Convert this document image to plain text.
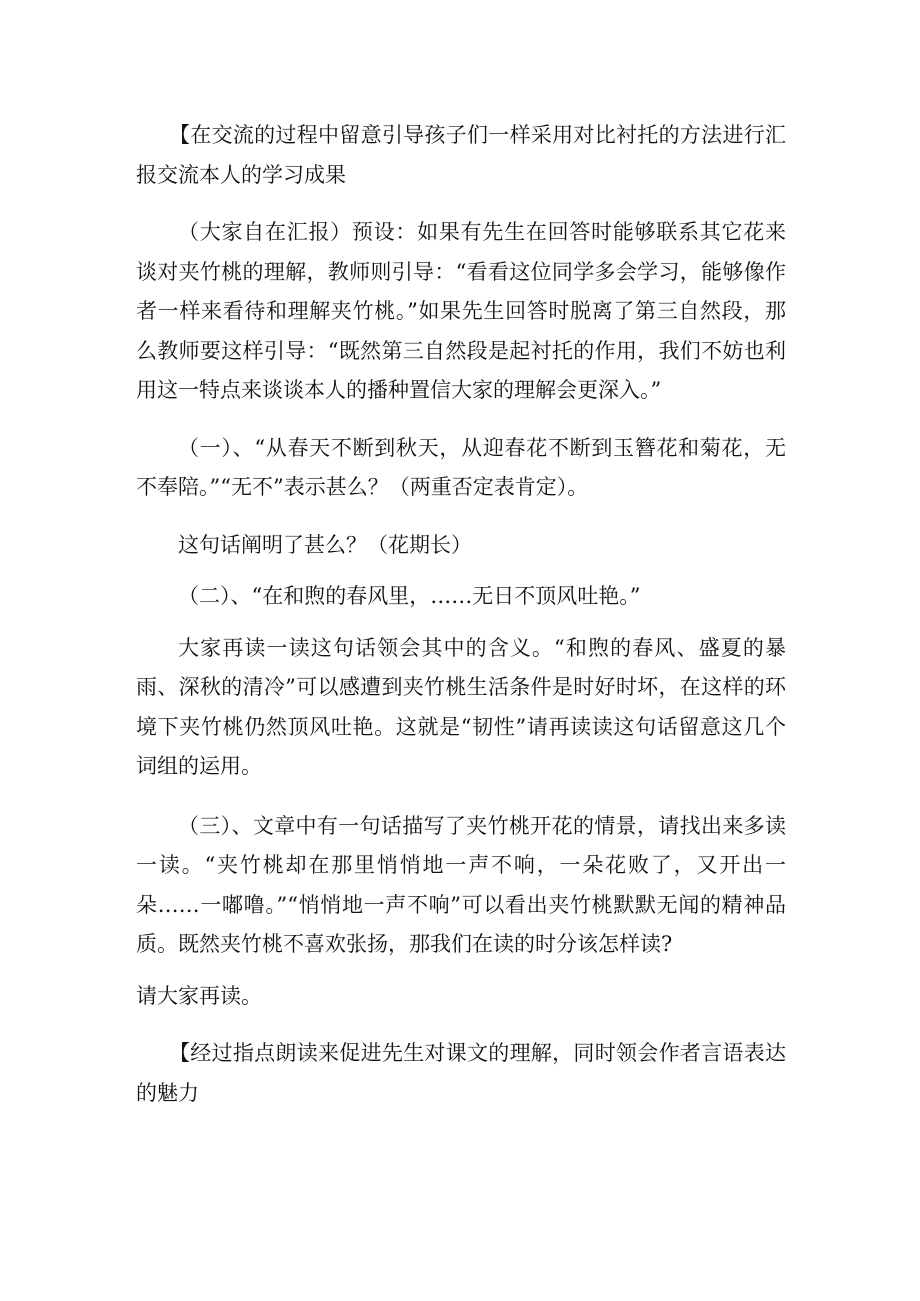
【在交流的过程中留意引导孩子们一样采用对比衬托的方法进行汇报交流本人的学习成果

（大家自在汇报）预设：如果有先生在回答时能够联系其它花来谈对夹竹桃的理解，教师则引导：“看看这位同学多会学习，能够像作者一样来看待和理解夹竹桃。”如果先生回答时脱离了第三自然段，那么教师要这样引导：“既然第三自然段是起衬托的作用，我们不妨也利用这一特点来谈谈本人的播种置信大家的理解会更深入。”

（一）、“从春天不断到秋天，从迎春花不断到玉簪花和菊花，无不奉陪。”“无不”表示甚么？（两重否定表肯定）。

这句话阐明了甚么？（花期长）

（二）、“在和煦的春风里，……无日不顶风吐艳。”

大家再读一读这句话领会其中的含义。“和煦的春风、盛夏的暴雨、深秋的清冷”可以感遭到夹竹桃生活条件是时好时坏，在这样的环境下夹竹桃仍然顶风吐艳。这就是“韧性”请再读读这句话留意这几个词组的运用。

（三）、文章中有一句话描写了夹竹桃开花的情景，请找出来多读一读。“夹竹桃却在那里悄悄地一声不响，一朵花败了，又开出一朵……一嘟噜。”“悄悄地一声不响”可以看出夹竹桃默默无闻的精神品质。既然夹竹桃不喜欢张扬，那我们在读的时分该怎样读?

请大家再读。

【经过指点朗读来促进先生对课文的理解，同时领会作者言语表达的魅力
